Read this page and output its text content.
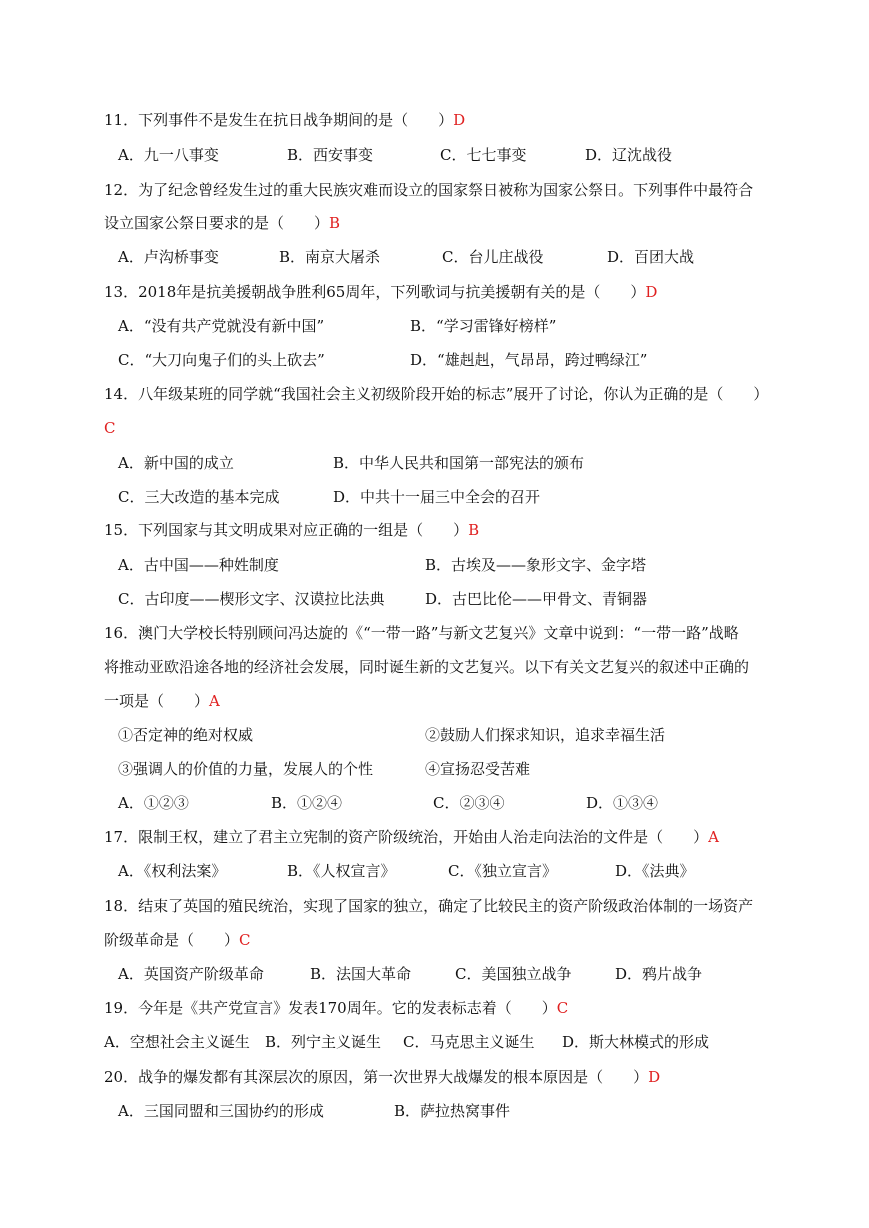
11．下列事件不是发生在抗日战争期间的是（　　）D
A．九一八事变	B．西安事变	C．七七事变	D．辽沈战役
12．为了纪念曾经发生过的重大民族灾难而设立的国家祭日被称为国家公祭日。下列事件中最符合
设立国家公祭日要求的是（　　）B
A．卢沟桥事变	B．南京大屠杀	C．台儿庄战役	D．百团大战
13．2018年是抗美援朝战争胜利65周年，下列歌词与抗美援朝有关的是（　　）D
A．“没有共产党就没有新中国”	B．“学习雷锋好榜样”
C．“大刀向鬼子们的头上砍去”	D．“雄赳赳，气昂昂，跨过鸭绿江”
14．八年级某班的同学就“我国社会主义初级阶段开始的标志”展开了讨论，你认为正确的是（　　）
C
A．新中国的成立	B．中华人民共和国第一部宪法的颁布
C．三大改造的基本完成	D．中共十一届三中全会的召开
15．下列国家与其文明成果对应正确的一组是（　　）B
A．古中国——种姓制度	B．古埃及——象形文字、金字塔
C．古印度——楔形文字、汉谟拉比法典	D．古巴比伦——甲骨文、青铜器
16．澳门大学校长特别顾问冯达旋的《“一带一路”与新文艺复兴》文章中说到：“一带一路”战略
将推动亚欧沿途各地的经济社会发展，同时诞生新的文艺复兴。以下有关文艺复兴的叙述中正确的
一项是（　　）A
①否定神的绝对权威	②鼓励人们探求知识，追求幸福生活
③强调人的价值的力量，发展人的个性	④宣扬忍受苦难
A．①②③	B．①②④	C．②③④	D．①③④
17．限制王权，建立了君主立宪制的资产阶级统治，开始由人治走向法治的文件是（　　）A
A．《权利法案》	B．《人权宣言》	C．《独立宣言》	D．《法典》
18．结束了英国的殖民统治，实现了国家的独立，确定了比较民主的资产阶级政治体制的一场资产
阶级革命是（　　）C
A．英国资产阶级革命	B．法国大革命	C．美国独立战争	D．鸦片战争
19．今年是《共产党宣言》发表170周年。它的发表标志着（　　）C
A．空想社会主义诞生 B．列宁主义诞生 C．马克思主义诞生 D．斯大林模式的形成
20．战争的爆发都有其深层次的原因，第一次世界大战爆发的根本原因是（　　）D
A．三国同盟和三国协约的形成	B．萨拉热窝事件
